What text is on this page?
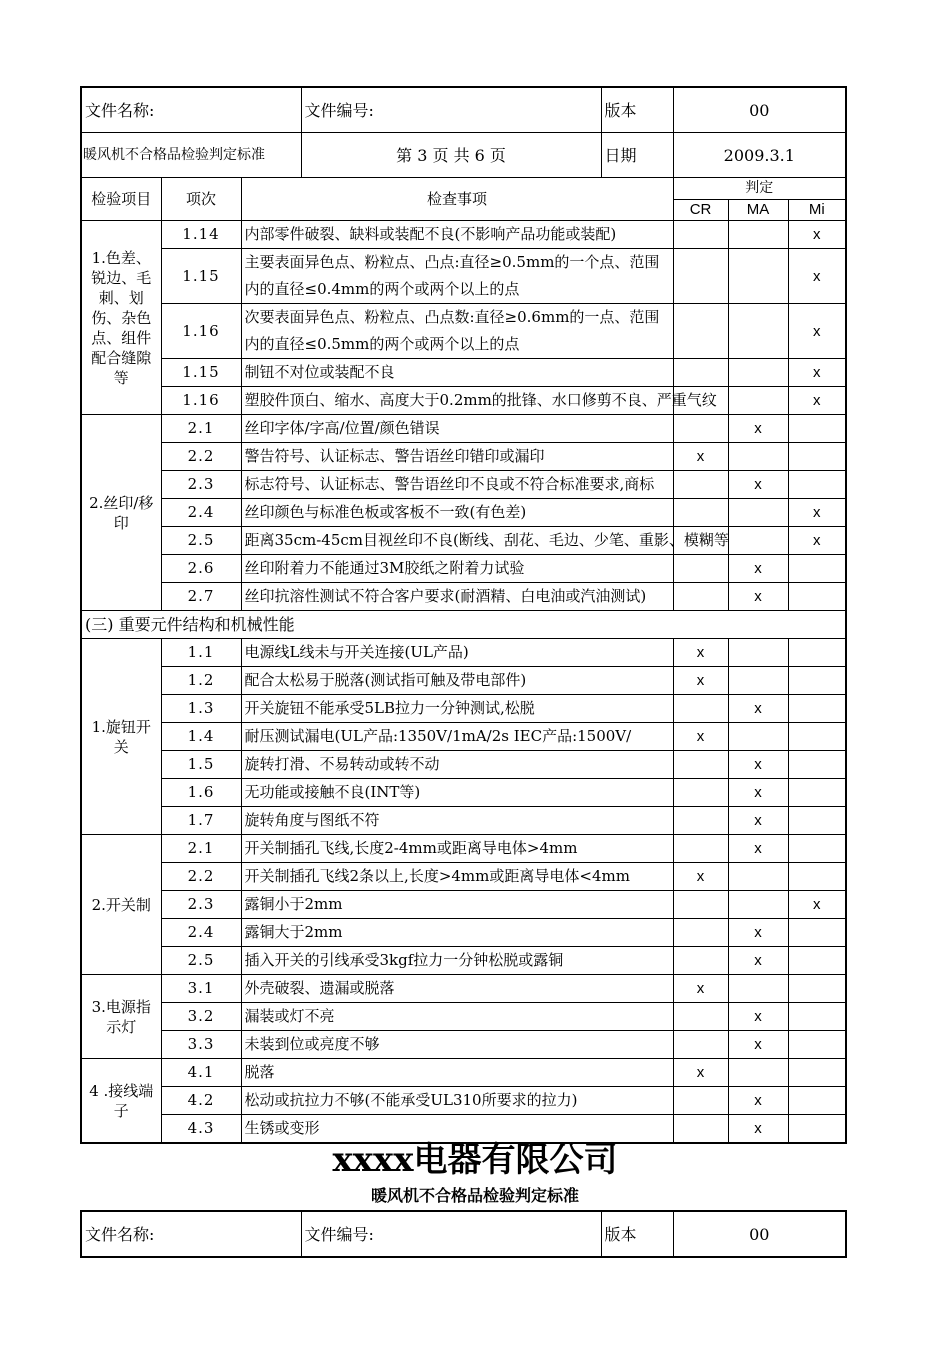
文件名称:			文件编号:	版本	00		
暖风机不合格品检验判定标准			第 3 页 共 6 页	日期	2009.3.1		
检验项目	项次	检查事项			判定		
					CR	MA	Mi
1.色差、锐边、毛刺、划伤、杂色点、组件配合缝隙等	1.14	内部零件破裂、缺料或装配不良(不影响产品功能或装配)					x
	1.15	主要表面异色点、粉粒点、凸点:直径≥0.5mm的一个点、范围内的直径≤0.4mm的两个或两个以上的点					x
	1.16	次要表面异色点、粉粒点、凸点数:直径≥0.6mm的一点、范围内的直径≤0.5mm的两个或两个以上的点					x
	1.15	制钮不对位或装配不良					x
	1.16	塑胶件顶白、缩水、高度大于0.2mm的批锋、水口修剪不良、严重气纹					x
2.丝印/移印	2.1	丝印字体/字高/位置/颜色错误				x	
	2.2	警告符号、认证标志、警告语丝印错印或漏印			x		
	2.3	标志符号、认证标志、警告语丝印不良或不符合标准要求,商标				x	
	2.4	丝印颜色与标准色板或客板不一致(有色差)					x
	2.5	距离35cm-45cm目视丝印不良(断线、刮花、毛边、少笔、重影、模糊等					x
	2.6	丝印附着力不能通过3M胶纸之附着力试验				x	
	2.7	丝印抗溶性测试不符合客户要求(耐酒精、白电油或汽油测试)				x	
(三) 重要元件结构和机械性能							
1.旋钮开关	1.1	电源线L线未与开关连接(UL产品)			x		
	1.2	配合太松易于脱落(测试指可触及带电部件)			x		
	1.3	开关旋钮不能承受5LB拉力一分钟测试,松脱				x	
	1.4	耐压测试漏电(UL产品:1350V/1mA/2s IEC产品:1500V/			x		
	1.5	旋转打滑、不易转动或转不动				x	
	1.6	无功能或接触不良(INT等)				x	
	1.7	旋转角度与图纸不符				x	
2.开关制	2.1	开关制插孔飞线,长度2-4mm或距离导电体>4mm				x	
	2.2	开关制插孔飞线2条以上,长度>4mm或距离导电体<4mm			x		
	2.3	露铜小于2mm					x
	2.4	露铜大于2mm				x	
	2.5	插入开关的引线承受3kgf拉力一分钟松脱或露铜				x	
3.电源指示灯	3.1	外壳破裂、遗漏或脱落			x		
	3.2	漏装或灯不亮				x	
	3.3	未装到位或亮度不够				x	
4 .接线端子	4.1	脱落			x		
	4.2	松动或抗拉力不够(不能承受UL310所要求的拉力)				x	
	4.3	生锈或变形				x	
xxxx电器有限公司
暖风机不合格品检验判定标准
文件名称:	文件编号:	版本	00
